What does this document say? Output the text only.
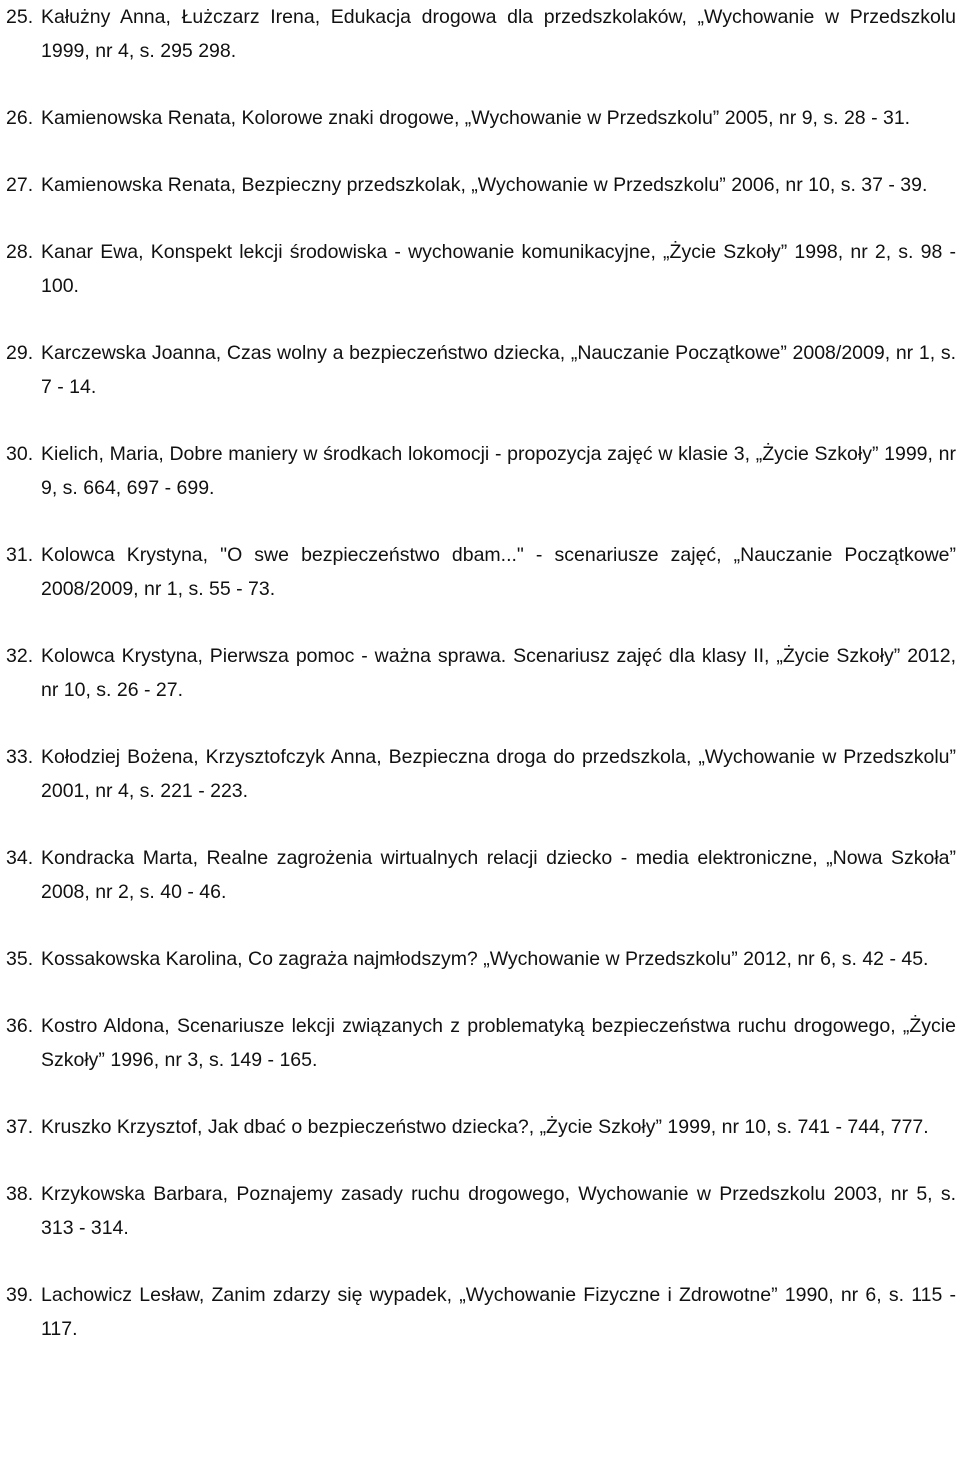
25. Kałużny Anna, Łużczarz Irena, Edukacja drogowa dla przedszkolaków, „Wychowanie w Przedszkolu 1999, nr 4, s. 295 298.
26. Kamienowska Renata, Kolorowe znaki drogowe, „Wychowanie w Przedszkolu” 2005, nr 9, s. 28 - 31.
27. Kamienowska Renata, Bezpieczny przedszkolak, „Wychowanie w Przedszkolu” 2006, nr 10, s. 37 - 39.
28. Kanar Ewa, Konspekt lekcji środowiska - wychowanie komunikacyjne, „Życie Szkoły” 1998, nr 2, s. 98 - 100.
29. Karczewska Joanna, Czas wolny a bezpieczeństwo dziecka, „Nauczanie Początkowe” 2008/2009, nr 1, s. 7 - 14.
30. Kielich, Maria, Dobre maniery w środkach lokomocji - propozycja zajęć w klasie 3, „Życie Szkoły” 1999, nr 9, s. 664, 697 - 699.
31. Kolowca Krystyna, "O swe bezpieczeństwo dbam..." - scenariusze zajęć, „Nauczanie Początkowe” 2008/2009, nr 1, s. 55 - 73.
32. Kolowca Krystyna, Pierwsza pomoc - ważna sprawa. Scenariusz zajęć dla klasy II, „Życie Szkoły” 2012, nr 10, s. 26 - 27.
33. Kołodziej Bożena, Krzysztofczyk Anna, Bezpieczna droga do przedszkola, „Wychowanie w Przedszkolu” 2001, nr 4, s. 221 - 223.
34. Kondracka Marta, Realne zagrożenia wirtualnych relacji dziecko - media elektroniczne, „Nowa Szkoła” 2008, nr 2, s. 40 - 46.
35. Kossakowska Karolina, Co zagraża najmłodszym? „Wychowanie w Przedszkolu” 2012, nr 6, s. 42 - 45.
36. Kostro Aldona, Scenariusze lekcji związanych z problematyką bezpieczeństwa ruchu drogowego, „Życie Szkoły” 1996, nr 3, s. 149 - 165.
37. Kruszko Krzysztof, Jak dbać o bezpieczeństwo dziecka?, „Życie Szkoły” 1999, nr 10, s. 741 - 744, 777.
38. Krzykowska Barbara, Poznajemy zasady ruchu drogowego, Wychowanie w Przedszkolu 2003, nr 5, s. 313 - 314.
39. Lachowicz Lesław, Zanim zdarzy się wypadek, „Wychowanie Fizyczne i Zdrowotne” 1990, nr 6, s. 115 - 117.
